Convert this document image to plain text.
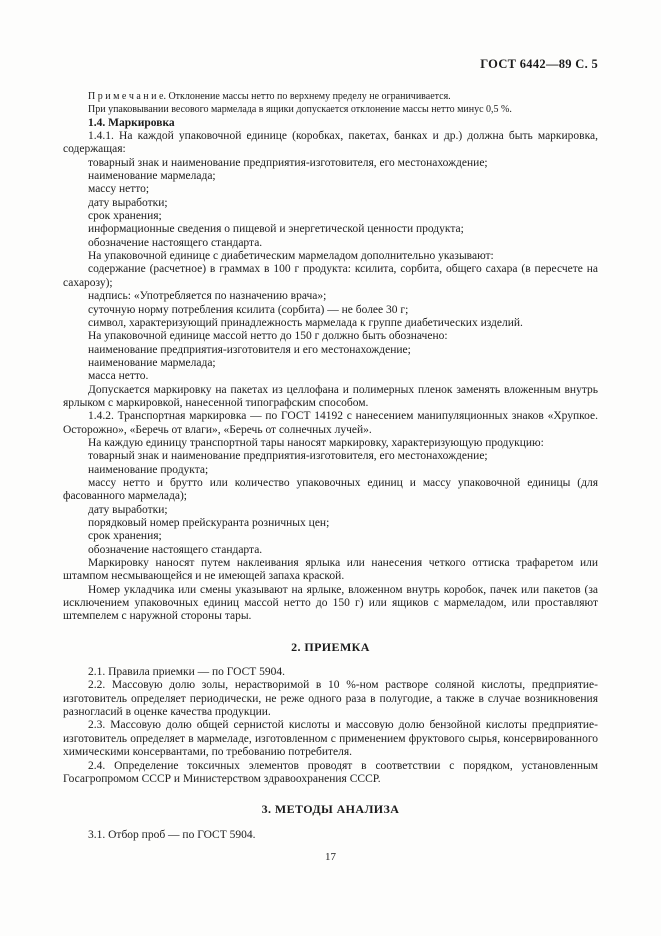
ГОСТ 6442—89 С. 5

П р и м е ч а н и е. Отклонение массы нетто по верхнему пределу не ограничивается.

При упаковывании весового мармелада в ящики допускается отклонение массы нетто минус 0,5 %.

1.4. Маркировка

1.4.1. На каждой упаковочной единице (коробках, пакетах, банках и др.) должна быть маркировка, содержащая:

товарный знак и наименование предприятия-изготовителя, его местонахождение;

наименование мармелада;

массу нетто;

дату выработки;

срок хранения;

информационные сведения о пищевой и энергетической ценности продукта;

обозначение настоящего стандарта.

На упаковочной единице с диабетическим мармеладом дополнительно указывают:

содержание (расчетное) в граммах в 100 г продукта: ксилита, сорбита, общего сахара (в пересчете на сахарозу);

надпись: «Употребляется по назначению врача»;

суточную норму потребления ксилита (сорбита) — не более 30 г;

символ, характеризующий принадлежность мармелада к группе диабетических изделий.

На упаковочной единице массой нетто до 150 г должно быть обозначено:

наименование предприятия-изготовителя и его местонахождение;

наименование мармелада;

масса нетто.

Допускается маркировку на пакетах из целлофана и полимерных пленок заменять вложенным внутрь ярлыком с маркировкой, нанесенной типографским способом.

1.4.2. Транспортная маркировка — по ГОСТ 14192 с нанесением манипуляционных знаков «Хрупкое. Осторожно», «Беречь от влаги», «Беречь от солнечных лучей».

На каждую единицу транспортной тары наносят маркировку, характеризующую продукцию:

товарный знак и наименование предприятия-изготовителя, его местонахождение;

наименование продукта;

массу нетто и брутто или количество упаковочных единиц и массу упаковочной единицы (для фасованного мармелада);

дату выработки;

порядковый номер прейскуранта розничных цен;

срок хранения;

обозначение настоящего стандарта.

Маркировку наносят путем наклеивания ярлыка или нанесения четкого оттиска трафаретом или штампом несмывающейся и не имеющей запаха краской.

Номер укладчика или смены указывают на ярлыке, вложенном внутрь коробок, пачек или пакетов (за исключением упаковочных единиц массой нетто до 150 г) или ящиков с мармеладом, или проставляют штемпелем с наружной стороны тары.

2. ПРИЕМКА

2.1. Правила приемки — по ГОСТ 5904.

2.2. Массовую долю золы, нерастворимой в 10 %-ном растворе соляной кислоты, предприятие-изготовитель определяет периодически, не реже одного раза в полугодие, а также в случае возникновения разногласий в оценке качества продукции.

2.3. Массовую долю общей сернистой кислоты и массовую долю бензойной кислоты предприятие-изготовитель определяет в мармеладе, изготовленном с применением фруктового сырья, консервированного химическими консервантами, по требованию потребителя.

2.4. Определение токсичных элементов проводят в соответствии с порядком, установленным Госагропромом СССР и Министерством здравоохранения СССР.

3. МЕТОДЫ АНАЛИЗА

3.1. Отбор проб — по ГОСТ 5904.

17
